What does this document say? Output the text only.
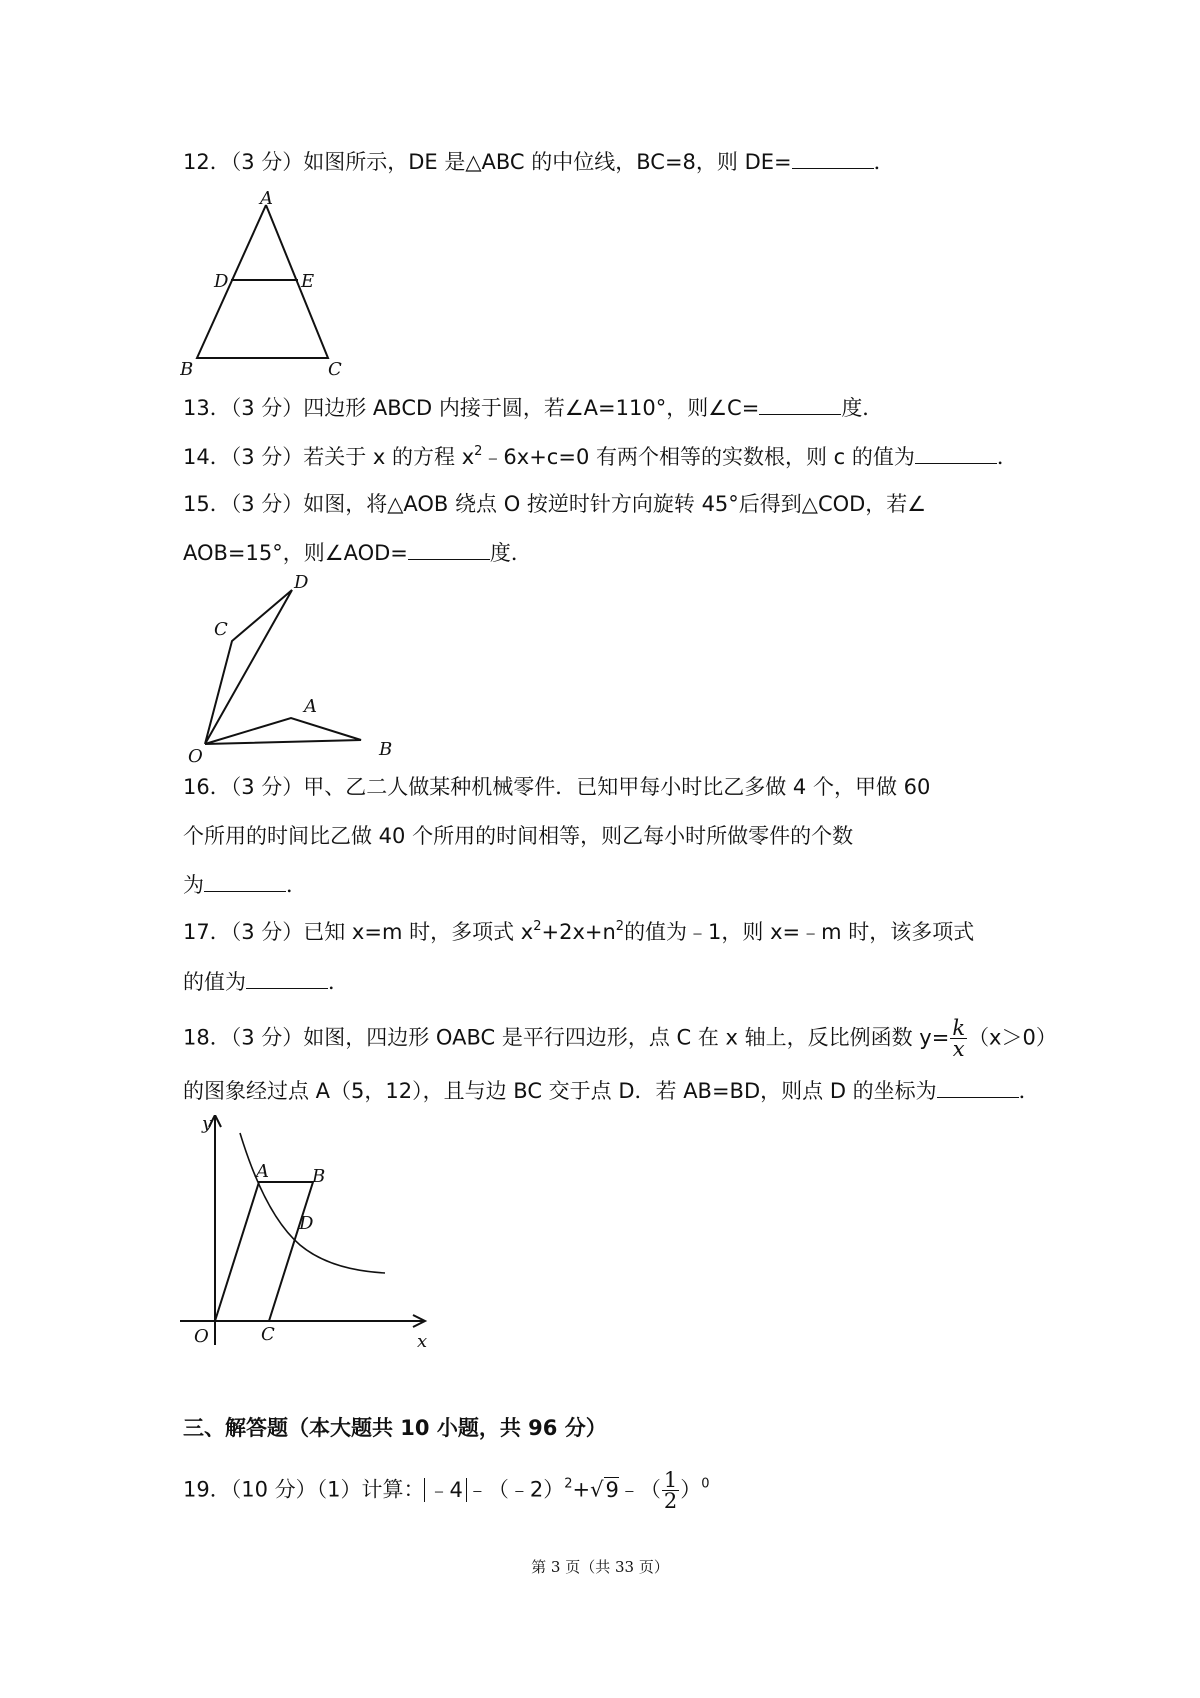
12．（3 分）如图所示，DE 是△ABC 的中位线，BC=8，则 DE=	．
A
B	C
D	E
13．（3 分）四边形 ABCD 内接于圆，若∠A=110°，则∠C=	度．
14．（3 分）若关于 x 的方程 $x^2﹣6x+c=0$ 有两个相等的实数根，则 c 的值为	．
15．（3 分）如图，将△AOB 绕点 O 按逆时针方向旋转 45°后得到△COD，若∠
AOB=15°，则∠AOD=	度．
O
A
B
C
D
16．（3 分）甲、乙二人做某种机械零件．已知甲每小时比乙多做 4 个，甲做 60
个所用的时间比乙做 40 个所用的时间相等，则乙每小时所做零件的个数
为	．
17．（3 分）已知 x=m 时，多项式 $x^2+2x+n^2$的值为﹣1，则 x=﹣m 时，该多项式
的值为	．
18．（3 分）如图，四边形 OABC 是平行四边形，点 C 在 x 轴上，反比例函数 $y= \frac{k}{x} (x>0)$
的图象经过点 A（5，12），且与边 BC 交于点 D．若 AB=BD，则点 D 的坐标为	．
y
x
O	C
A B
D
三、解答题（本大题共 10 小题，共 96 分）
19．（10 分）（1）计算： ﹣4 ﹣（﹣2）$^2$+√9﹣（ $\frac{1}{2} )^0$
第 3 页（共 33 页）
